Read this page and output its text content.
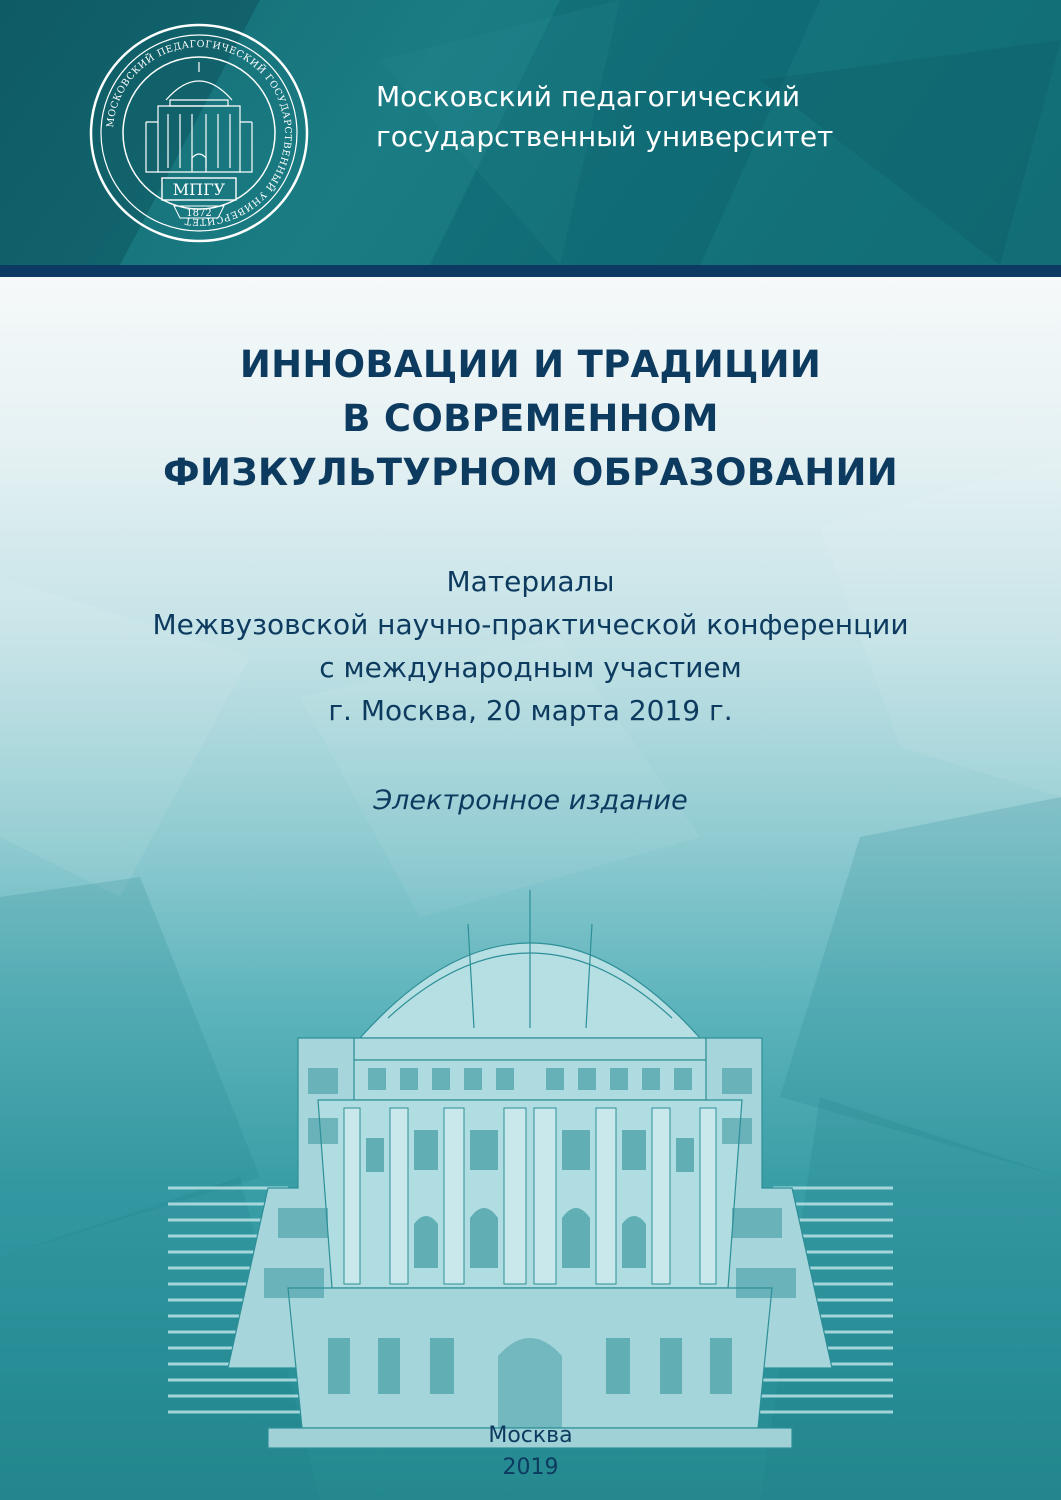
МОСКОВСКИЙ ПЕДАГОГИЧЕСКИЙ ГОСУДАРСТВЕННЫЙ УНИВЕРСИТЕТ
МПГУ
1872
Московский педагогический
государственный университет
ИННОВАЦИИ И ТРАДИЦИИ
В СОВРЕМЕННОМ
ФИЗКУЛЬТУРНОМ ОБРАЗОВАНИИ
Материалы
Межвузовской научно-практической конференции
с международным участием
г. Москва, 20 марта 2019 г.
Электронное издание
Москва
2019
